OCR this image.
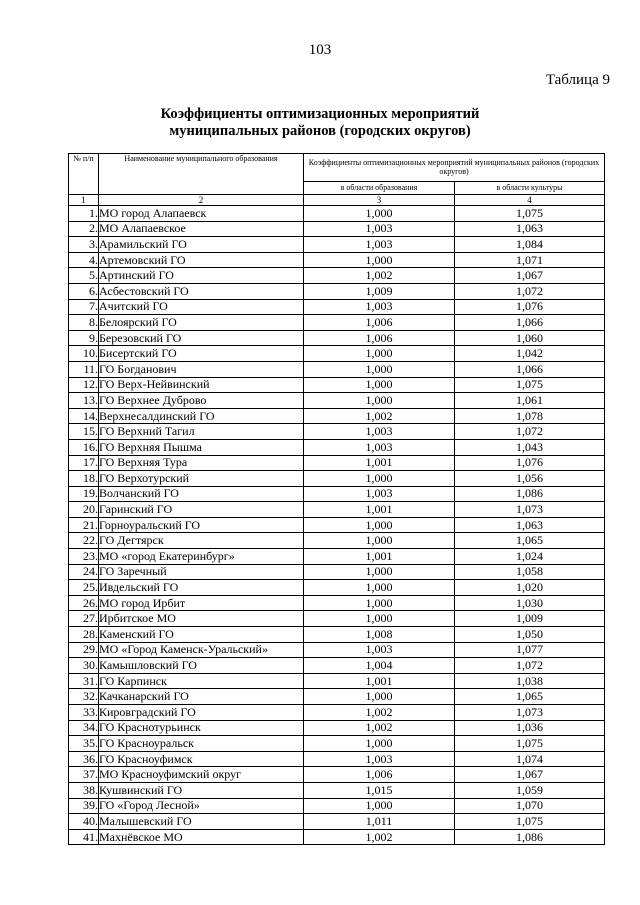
103
Таблица 9
Коэффициенты оптимизационных мероприятий
муниципальных районов (городских округов)
№ п/п	Наименование муниципального образования	Коэффициенты оптимизационных мероприятий муниципальных районов (городских округов)	
		в области образования	в области культуры
1	2	3	4
1.	МО город Алапаевск	1,000	1,075
2.	МО Алапаевское	1,003	1,063
3.	Арамильский ГО	1,003	1,084
4.	Артемовский ГО	1,000	1,071
5.	Артинский ГО	1,002	1,067
6.	Асбестовский ГО	1,009	1,072
7.	Ачитский ГО	1,003	1,076
8.	Белоярский ГО	1,006	1,066
9.	Березовский ГО	1,006	1,060
10.	Бисертский ГО	1,000	1,042
11.	ГО Богданович	1,000	1,066
12.	ГО Верх-Нейвинский	1,000	1,075
13.	ГО Верхнее Дуброво	1,000	1,061
14.	Верхнесалдинский ГО	1,002	1,078
15.	ГО Верхний Тагил	1,003	1,072
16.	ГО Верхняя Пышма	1,003	1,043
17.	ГО Верхняя Тура	1,001	1,076
18.	ГО Верхотурский	1,000	1,056
19.	Волчанский ГО	1,003	1,086
20.	Гаринский ГО	1,001	1,073
21.	Горноуральский ГО	1,000	1,063
22.	ГО Дегтярск	1,000	1,065
23.	МО «город Екатеринбург»	1,001	1,024
24.	ГО Заречный	1,000	1,058
25.	Ивдельский ГО	1,000	1,020
26.	МО город Ирбит	1,000	1,030
27.	Ирбитское МО	1,000	1,009
28.	Каменский ГО	1,008	1,050
29.	МО «Город Каменск-Уральский»	1,003	1,077
30.	Камышловский ГО	1,004	1,072
31.	ГО Карпинск	1,001	1,038
32.	Качканарский ГО	1,000	1,065
33.	Кировградский ГО	1,002	1,073
34.	ГО Краснотурьинск	1,002	1,036
35.	ГО Красноуральск	1,000	1,075
36.	ГО Красноуфимск	1,003	1,074
37.	МО Красноуфимский округ	1,006	1,067
38.	Кушвинский ГО	1,015	1,059
39.	ГО «Город Лесной»	1,000	1,070
40.	Малышевский ГО	1,011	1,075
41.	Махнёвское МО	1,002	1,086
